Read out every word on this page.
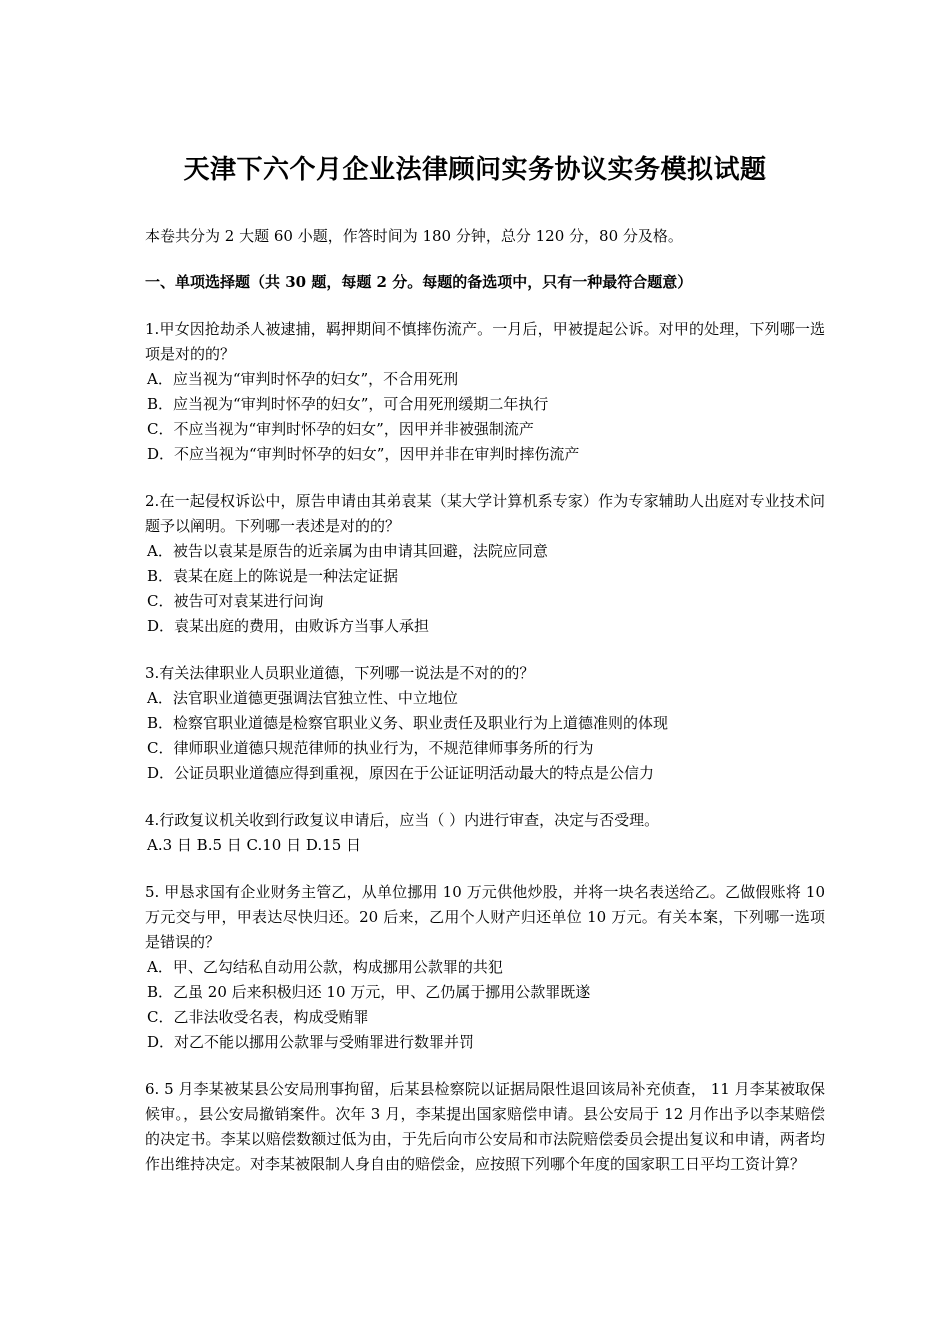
天津下六个月企业法律顾问实务协议实务模拟试题

本卷共分为 2 大题 60 小题，作答时间为 180 分钟，总分 120 分，80 分及格。

一、单项选择题（共 30 题，每题 2 分。每题的备选项中，只有一种最符合题意）

1.甲女因抢劫杀人被逮捕，羁押期间不慎摔伤流产。一月后，甲被提起公诉。对甲的处理，下列哪一选项是对的的？

A．应当视为“审判时怀孕的妇女”，不合用死刑

B．应当视为“审判时怀孕的妇女”，可合用死刑缓期二年执行

C．不应当视为“审判时怀孕的妇女”，因甲并非被强制流产

D．不应当视为“审判时怀孕的妇女”，因甲并非在审判时摔伤流产

2.在一起侵权诉讼中，原告申请由其弟袁某（某大学计算机系专家）作为专家辅助人出庭对专业技术问题予以阐明。下列哪一表述是对的的？

A．被告以袁某是原告的近亲属为由申请其回避，法院应同意

B．袁某在庭上的陈说是一种法定证据

C．被告可对袁某进行问询

D．袁某出庭的费用，由败诉方当事人承担

3.有关法律职业人员职业道德，下列哪一说法是不对的的？

A．法官职业道德更强调法官独立性、中立地位

B．检察官职业道德是检察官职业义务、职业责任及职业行为上道德准则的体现

C．律师职业道德只规范律师的执业行为，不规范律师事务所的行为

D．公证员职业道德应得到重视，原因在于公证证明活动最大的特点是公信力

4.行政复议机关收到行政复议申请后，应当（ ）内进行审查，决定与否受理。

A.3 日 B.5 日 C.10 日 D.15 日

5. 甲恳求国有企业财务主管乙，从单位挪用 10 万元供他炒股，并将一块名表送给乙。乙做假账将 10 万元交与甲，甲表达尽快归还。20 后来，乙用个人财产归还单位 10 万元。有关本案，下列哪一选项是错误的？

A．甲、乙勾结私自动用公款，构成挪用公款罪的共犯

B．乙虽 20 后来积极归还 10 万元，甲、乙仍属于挪用公款罪既遂

C．乙非法收受名表，构成受贿罪

D．对乙不能以挪用公款罪与受贿罪进行数罪并罚

6. 5 月李某被某县公安局刑事拘留，后某县检察院以证据局限性退回该局补充侦查， 11 月李某被取保候审。，县公安局撤销案件。次年 3 月，李某提出国家赔偿申请。县公安局于 12 月作出予以李某赔偿的决定书。李某以赔偿数额过低为由，于先后向市公安局和市法院赔偿委员会提出复议和申请，两者均作出维持决定。对李某被限制人身自由的赔偿金，应按照下列哪个年度的国家职工日平均工资计算？
